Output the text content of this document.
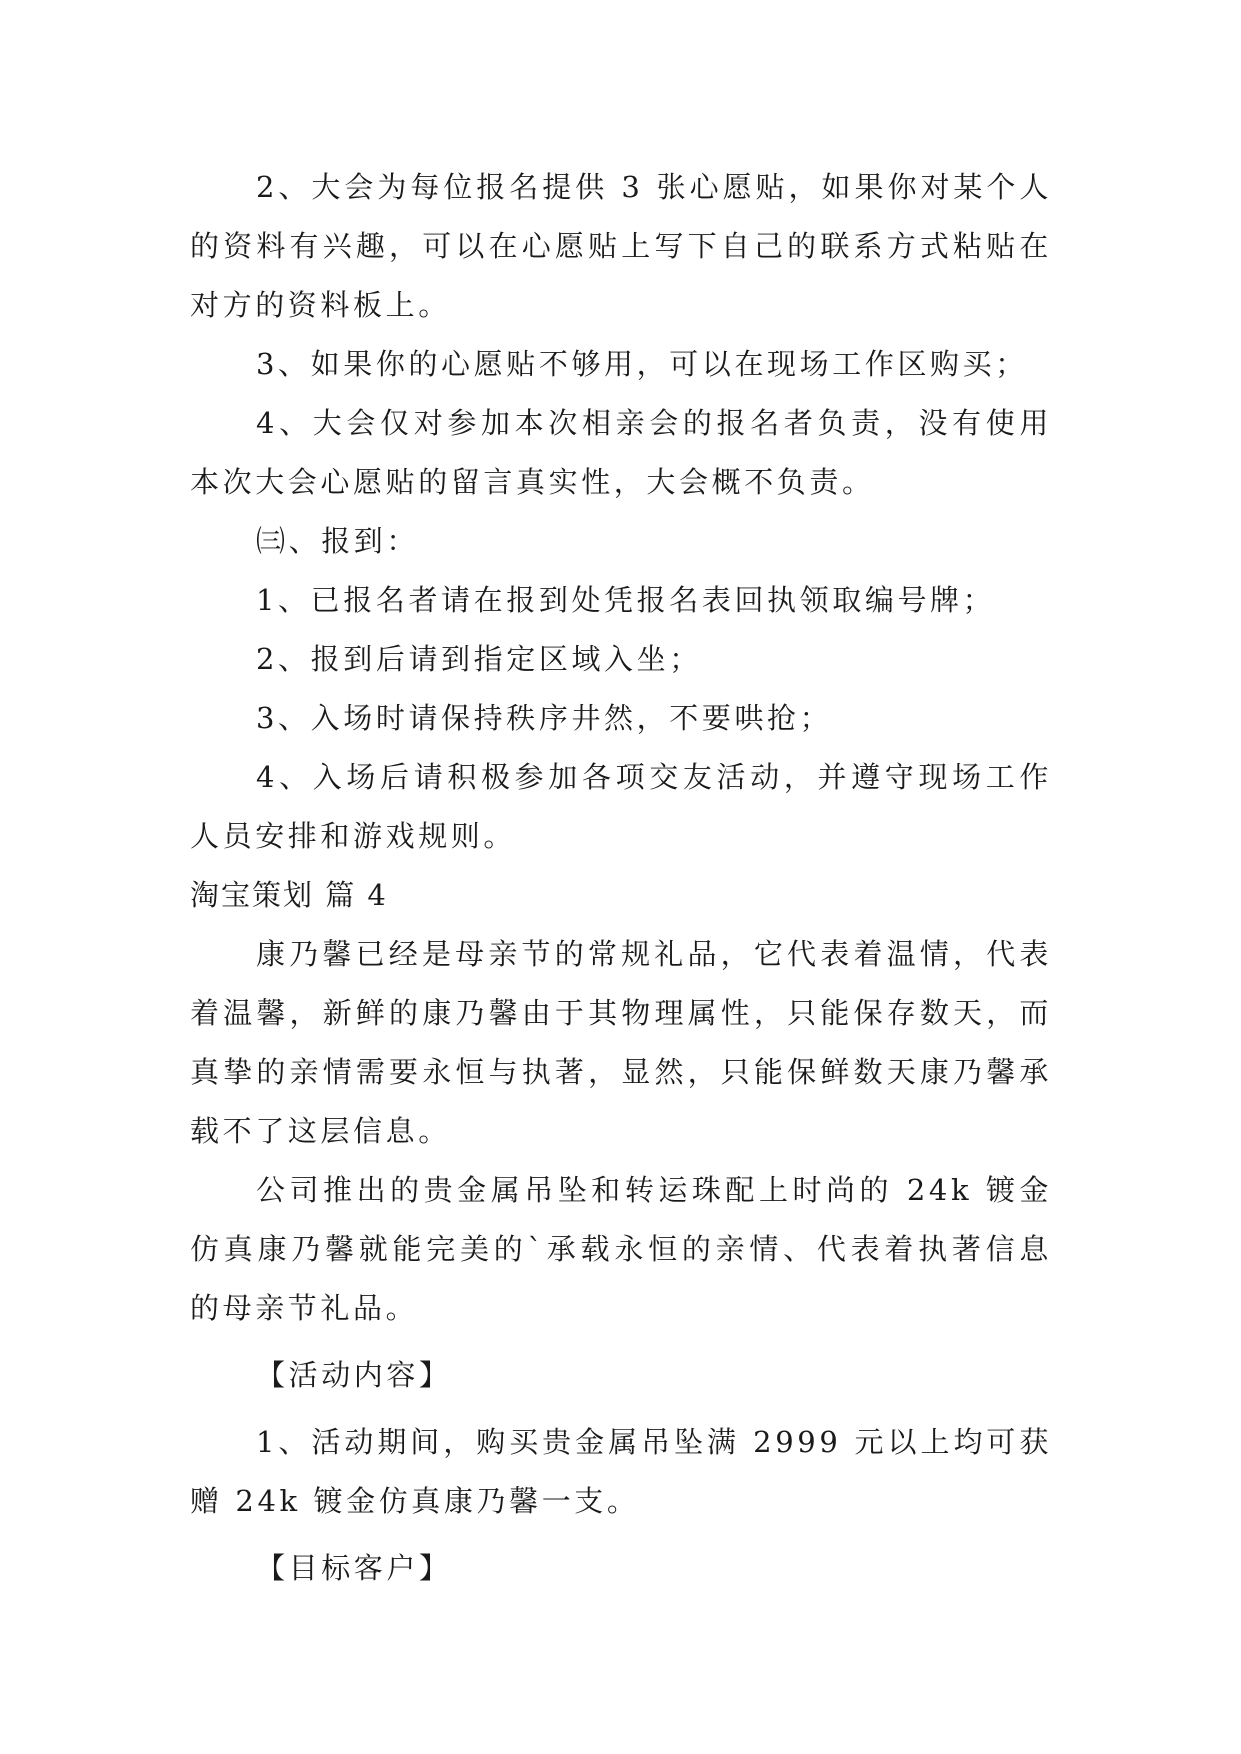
2、大会为每位报名提供 3 张心愿贴，如果你对某个人的资料有兴趣，可以在心愿贴上写下自己的联系方式粘贴在对方的资料板上。

3、如果你的心愿贴不够用，可以在现场工作区购买；

4、大会仅对参加本次相亲会的报名者负责，没有使用本次大会心愿贴的留言真实性，大会概不负责。

㈢、报到：

1、已报名者请在报到处凭报名表回执领取编号牌；

2、报到后请到指定区域入坐；

3、入场时请保持秩序井然，不要哄抢；

4、入场后请积极参加各项交友活动，并遵守现场工作人员安排和游戏规则。

淘宝策划 篇 4

康乃馨已经是母亲节的常规礼品，它代表着温情，代表着温馨，新鲜的康乃馨由于其物理属性，只能保存数天，而真挚的亲情需要永恒与执著，显然，只能保鲜数天康乃馨承载不了这层信息。

公司推出的贵金属吊坠和转运珠配上时尚的 24k 镀金仿真康乃馨就能完美的`承载永恒的亲情、代表着执著信息的母亲节礼品。

【活动内容】

1、活动期间，购买贵金属吊坠满 2999 元以上均可获赠 24k 镀金仿真康乃馨一支。

【目标客户】
